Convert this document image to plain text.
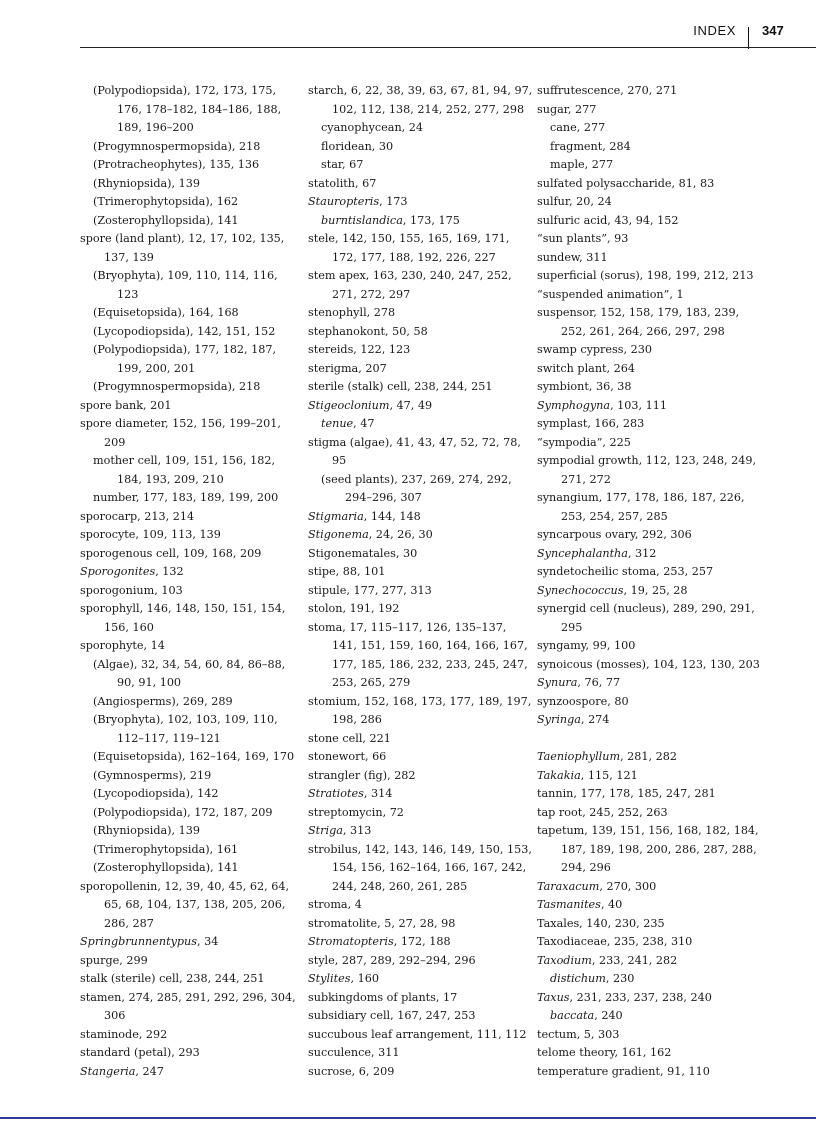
INDEX 347
(Polypodiopsida), 172, 173, 175, 176, 178–182, 184–186, 188, 189, 196–200
(Progymnospermopsida), 218
(Protracheophytes), 135, 136
(Rhyniopsida), 139
(Trimerophytopsida), 162
(Zosterophyllopsida), 141
spore (land plant), 12, 17, 102, 135, 137, 139
(Bryophyta), 109, 110, 114, 116, 123
(Equisetopsida), 164, 168
(Lycopodiopsida), 142, 151, 152
(Polypodiopsida), 177, 182, 187, 199, 200, 201
(Progymnospermopsida), 218
spore bank, 201
spore diameter, 152, 156, 199–201, 209
mother cell, 109, 151, 156, 182, 184, 193, 209, 210
number, 177, 183, 189, 199, 200
sporocarp, 213, 214
sporocyte, 109, 113, 139
sporogenous cell, 109, 168, 209
Sporogonites, 132
sporogonium, 103
sporophyll, 146, 148, 150, 151, 154, 156, 160
sporophyte, 14
(Algae), 32, 34, 54, 60, 84, 86–88, 90, 91, 100
(Angiosperms), 269, 289
(Bryophyta), 102, 103, 109, 110, 112–117, 119–121
(Equisetopsida), 162–164, 169, 170
(Gymnosperms), 219
(Lycopodiopsida), 142
(Polypodiopsida), 172, 187, 209
(Rhyniopsida), 139
(Trimerophytopsida), 161
(Zosterophyllopsida), 141
sporopollenin, 12, 39, 40, 45, 62, 64, 65, 68, 104, 137, 138, 205, 206, 286, 287
Springbrunnentypus, 34
spurge, 299
stalk (sterile) cell, 238, 244, 251
stamen, 274, 285, 291, 292, 296, 304, 306
staminode, 292
standard (petal), 293
Stangeria, 247
starch, 6, 22, 38, 39, 63, 67, 81, 94, 97, 102, 112, 138, 214, 252, 277, 298
cyanophycean, 24
floridean, 30
star, 67
statolith, 67
Stauropteris, 173
burntislandica, 173, 175
stele, 142, 150, 155, 165, 169, 171, 172, 177, 188, 192, 226, 227
stem apex, 163, 230, 240, 247, 252, 271, 272, 297
stenophyll, 278
stephanokont, 50, 58
stereids, 122, 123
sterigma, 207
sterile (stalk) cell, 238, 244, 251
Stigeoclonium, 47, 49
tenue, 47
stigma (algae), 41, 43, 47, 52, 72, 78, 95
(seed plants), 237, 269, 274, 292, 294–296, 307
Stigmaria, 144, 148
Stigonema, 24, 26, 30
Stigonematales, 30
stipe, 88, 101
stipule, 177, 277, 313
stolon, 191, 192
stoma, 17, 115–117, 126, 135–137, 141, 151, 159, 160, 164, 166, 167, 177, 185, 186, 232, 233, 245, 247, 253, 265, 279
stomium, 152, 168, 173, 177, 189, 197, 198, 286
stone cell, 221
stonewort, 66
strangler (fig), 282
Stratiotes, 314
streptomycin, 72
Striga, 313
strobilus, 142, 143, 146, 149, 150, 153, 154, 156, 162–164, 166, 167, 242, 244, 248, 260, 261, 285
stroma, 4
stromatolite, 5, 27, 28, 98
Stromatopteris, 172, 188
style, 287, 289, 292–294, 296
Stylites, 160
subkingdoms of plants, 17
subsidiary cell, 167, 247, 253
succubous leaf arrangement, 111, 112
succulence, 311
sucrose, 6, 209
suffrutescence, 270, 271
sugar, 277
cane, 277
fragment, 284
maple, 277
sulfated polysaccharide, 81, 83
sulfur, 20, 24
sulfuric acid, 43, 94, 152
“sun plants”, 93
sundew, 311
superficial (sorus), 198, 199, 212, 213
“suspended animation”, 1
suspensor, 152, 158, 179, 183, 239, 252, 261, 264, 266, 297, 298
swamp cypress, 230
switch plant, 264
symbiont, 36, 38
Symphogyna, 103, 111
symplast, 166, 283
“sympodia”, 225
sympodial growth, 112, 123, 248, 249, 271, 272
synangium, 177, 178, 186, 187, 226, 253, 254, 257, 285
syncarpous ovary, 292, 306
Syncephalantha, 312
syndetocheilic stoma, 253, 257
Synechococcus, 19, 25, 28
synergid cell (nucleus), 289, 290, 291, 295
syngamy, 99, 100
synoicous (mosses), 104, 123, 130, 203
Synura, 76, 77
synzoospore, 80
Syringa, 274
Taeniophyllum, 281, 282
Takakia, 115, 121
tannin, 177, 178, 185, 247, 281
tap root, 245, 252, 263
tapetum, 139, 151, 156, 168, 182, 184, 187, 189, 198, 200, 286, 287, 288, 294, 296
Taraxacum, 270, 300
Tasmanites, 40
Taxales, 140, 230, 235
Taxodiaceae, 235, 238, 310
Taxodium, 233, 241, 282
distichum, 230
Taxus, 231, 233, 237, 238, 240
baccata, 240
tectum, 5, 303
telome theory, 161, 162
temperature gradient, 91, 110
